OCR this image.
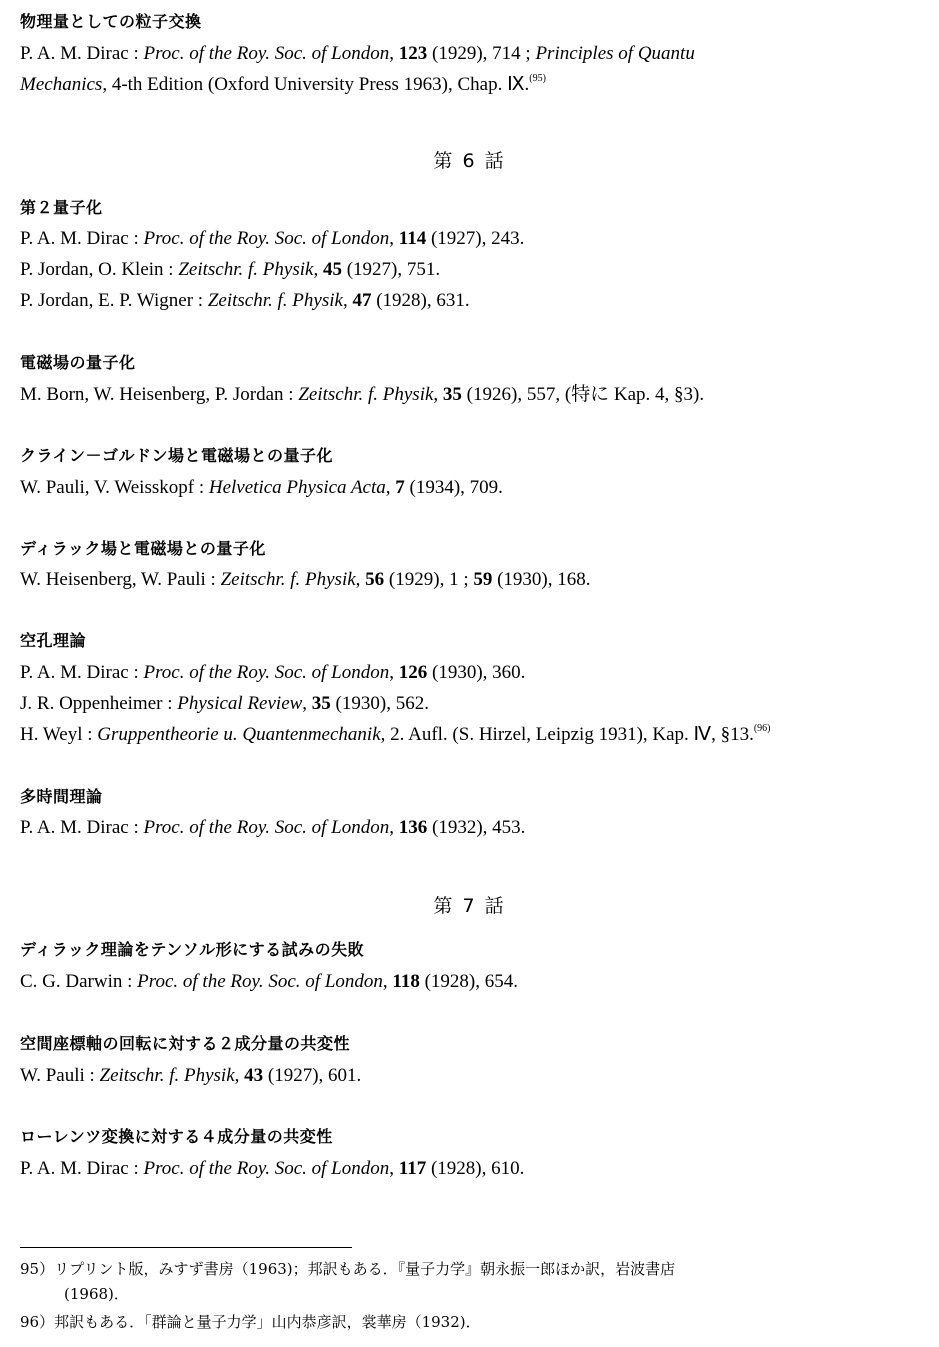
物理量としての粒子交換
P. A. M. Dirac : Proc. of the Roy. Soc. of London, 123 (1929), 714 ; Principles of Quantu
Mechanics, 4-th Edition (Oxford University Press 1963), Chap. Ⅸ.$^{(95)}$
第 6 話
第２量子化
P. A. M. Dirac : Proc. of the Roy. Soc. of London, 114 (1927), 243.
P. Jordan, O. Klein : Zeitschr. f. Physik, 45 (1927), 751.
P. Jordan, E. P. Wigner : Zeitschr. f. Physik, 47 (1928), 631.
電磁場の量子化
M. Born, W. Heisenberg, P. Jordan : Zeitschr. f. Physik, 35 (1926), 557, (特に Kap. 4, §3).
クライン－ゴルドン場と電磁場との量子化
W. Pauli, V. Weisskopf : Helvetica Physica Acta, 7 (1934), 709.
ディラック場と電磁場との量子化
W. Heisenberg, W. Pauli : Zeitschr. f. Physik, 56 (1929), 1 ; 59 (1930), 168.
空孔理論
P. A. M. Dirac : Proc. of the Roy. Soc. of London, 126 (1930), 360.
J. R. Oppenheimer : Physical Review, 35 (1930), 562.
H. Weyl : Gruppentheorie u. Quantenmechanik, 2. Aufl. (S. Hirzel, Leipzig 1931), Kap. Ⅳ, §13.$^{(96)}$
多時間理論
P. A. M. Dirac : Proc. of the Roy. Soc. of London, 136 (1932), 453.
第 7 話
ディラック理論をテンソル形にする試みの失敗
C. G. Darwin : Proc. of the Roy. Soc. of London, 118 (1928), 654.
空間座標軸の回転に対する２成分量の共変性
W. Pauli : Zeitschr. f. Physik, 43 (1927), 601.
ローレンツ変換に対する４成分量の共変性
P. A. M. Dirac : Proc. of the Roy. Soc. of London, 117 (1928), 610.
95）リプリント版，みすず書房（1963)；邦訳もある．『量子力学』朝永振一郎ほか訳，岩波書店
(1968)．
96）邦訳もある．「群論と量子力学」山内恭彦訳，裳華房（1932)．
